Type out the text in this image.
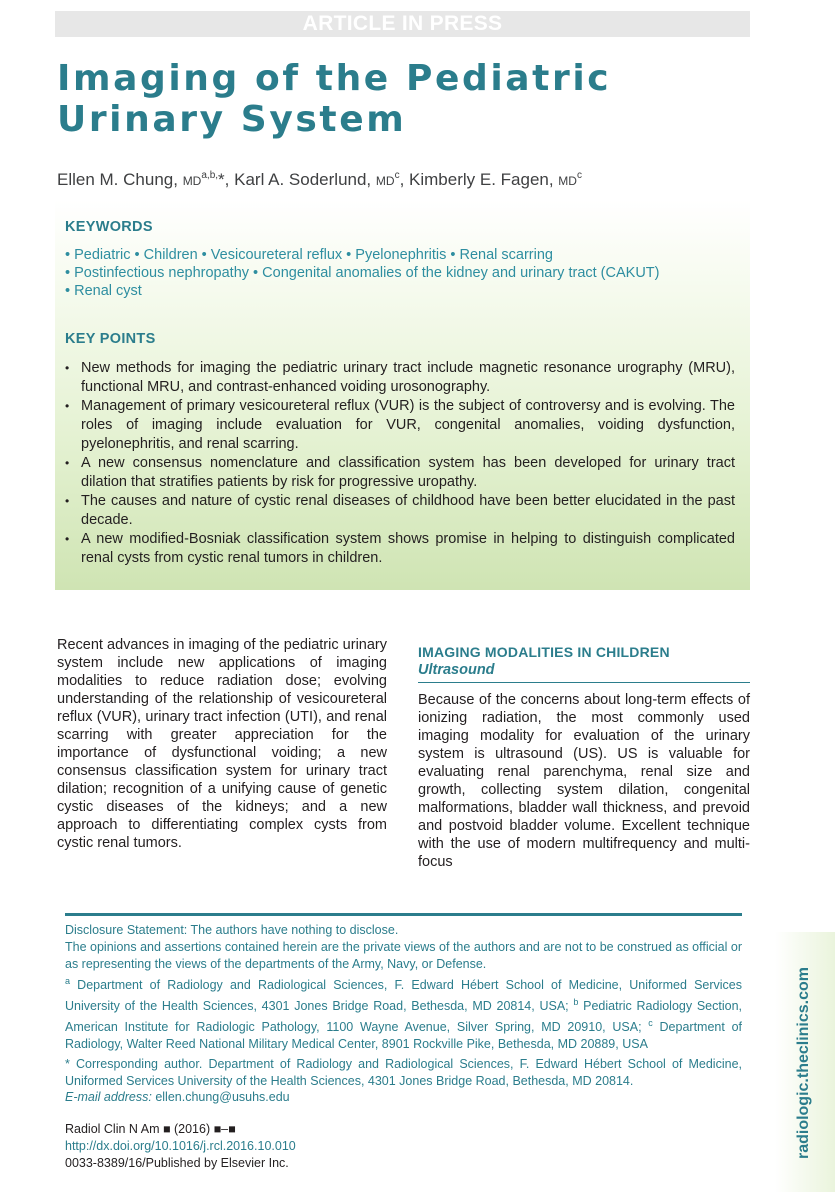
ARTICLE IN PRESS
Imaging of the Pediatric
Urinary System

Ellen M. Chung, $MD^{a,b,}*$, Karl A. Soderlund, $MD^c$, Kimberly E. Fagen, $MD^c$

KEYWORDS

• Pediatric • Children • Vesicoureteral reflux • Pyelonephritis • Renal scarring

• Postinfectious nephropathy • Congenital anomalies of the kidney and urinary tract (CAKUT)

• Renal cyst

KEY POINTS
• New methods for imaging the pediatric urinary tract include magnetic resonance urography (MRU), functional MRU, and contrast-enhanced voiding urosonography.
• Management of primary vesicoureteral reflux (VUR) is the subject of controversy and is evolving. The roles of imaging include evaluation for VUR, congenital anomalies, voiding dysfunction, pyelonephritis, and renal scarring.
• A new consensus nomenclature and classification system has been developed for urinary tract dilation that stratifies patients by risk for progressive uropathy.
• The causes and nature of cystic renal diseases of childhood have been better elucidated in the past decade.
• A new modified-Bosniak classification system shows promise in helping to distinguish complicated renal cysts from cystic renal tumors in children.

Recent advances in imaging of the pediatric urinary system include new applications of imaging modalities to reduce radiation dose; evolving understanding of the relationship of vesicoureteral reflux (VUR), urinary tract infection (UTI), and renal scarring with greater appreciation for the importance of dysfunctional voiding; a new consensus classification system for urinary tract dilation; recognition of a unifying cause of genetic cystic diseases of the kidneys; and a new approach to differentiating complex cysts from cystic renal tumors.

IMAGING MODALITIES IN CHILDREN
Ultrasound

Because of the concerns about long-term effects of ionizing radiation, the most commonly used imaging modality for evaluation of the urinary system is ultrasound (US). US is valuable for evaluating renal parenchyma, renal size and growth, collecting system dilation, congenital malformations, bladder wall thickness, and prevoid and postvoid bladder volume. Excellent technique with the use of modern multifrequency and multi-focus

Disclosure Statement: The authors have nothing to disclose.

The opinions and assertions contained herein are the private views of the authors and are not to be construed as official or as representing the views of the departments of the Army, Navy, or Defense.

$^a$ Department of Radiology and Radiological Sciences, F. Edward Hébert School of Medicine, Uniformed Services University of the Health Sciences, 4301 Jones Bridge Road, Bethesda, MD 20814, USA; $^b$ Pediatric Radiology Section, American Institute for Radiologic Pathology, 1100 Wayne Avenue, Silver Spring, MD 20910, USA; $^c$ Department of Radiology, Walter Reed National Military Medical Center, 8901 Rockville Pike, Bethesda, MD 20889, USA

* Corresponding author. Department of Radiology and Radiological Sciences, F. Edward Hébert School of Medicine, Uniformed Services University of the Health Sciences, 4301 Jones Bridge Road, Bethesda, MD 20814.

E-mail address: ellen.chung@usuhs.edu

Radiol Clin N Am ■ (2016) ■–■

http://dx.doi.org/10.1016/j.rcl.2016.10.010

0033-8389/16/Published by Elsevier Inc.

radiologic.theclinics.com
